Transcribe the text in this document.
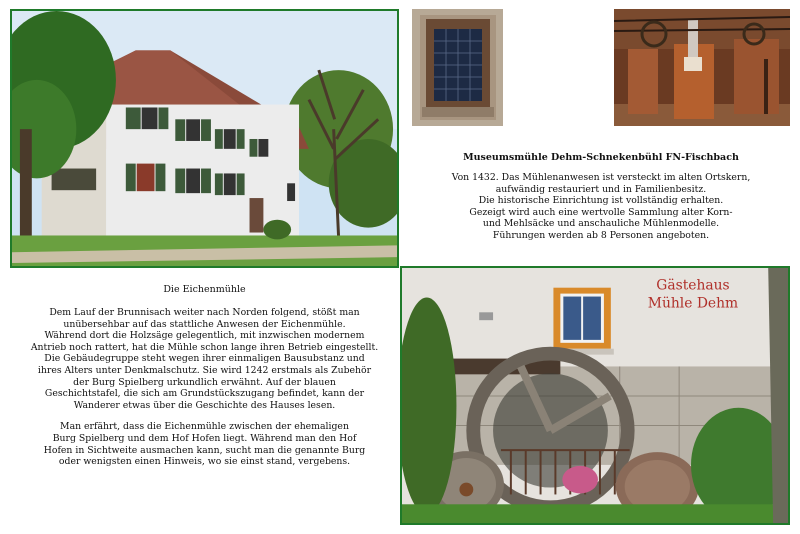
Museumsmühle Dehm-Schnekenbühl FN-Fischbach
Von 1432. Das Mühlenanwesen ist versteckt im alten Ortskern,
aufwändig restauriert und in Familienbesitz.
Die historische Einrichtung ist vollständig erhalten.
Gezeigt wird auch eine wertvolle Sammlung alter Korn-
und Mehlsäcke und anschauliche Mühlenmodelle.
Führungen werden ab 8 Personen angeboten.
Die Eichenmühle
Dem Lauf der Brunnisach weiter nach Norden folgend, stößt man
unübersehbar auf das stattliche Anwesen der Eichenmühle.
Während dort die Holzsäge gelegentlich, mit inzwischen modernem
Antrieb noch rattert, hat die Mühle schon lange ihren Betrieb eingestellt.
Die Gebäudegruppe steht wegen ihrer einmaligen Bausubstanz und
ihres Alters unter Denkmalschutz. Sie wird 1242 erstmals als Zubehör
der Burg Spielberg urkundlich erwähnt. Auf der blauen
Geschichtstafel, die sich am Grundstückszugang befindet, kann der
Wanderer etwas über die Geschichte des Hauses lesen.
Man erfährt, dass die Eichenmühle zwischen der ehemaligen
Burg Spielberg und dem Hof Hofen liegt. Während man den Hof
Hofen in Sichtweite ausmachen kann, sucht man die genannte Burg
oder wenigsten einen Hinweis, wo sie einst stand, vergebens.
Gästehaus
Mühle Dehm
